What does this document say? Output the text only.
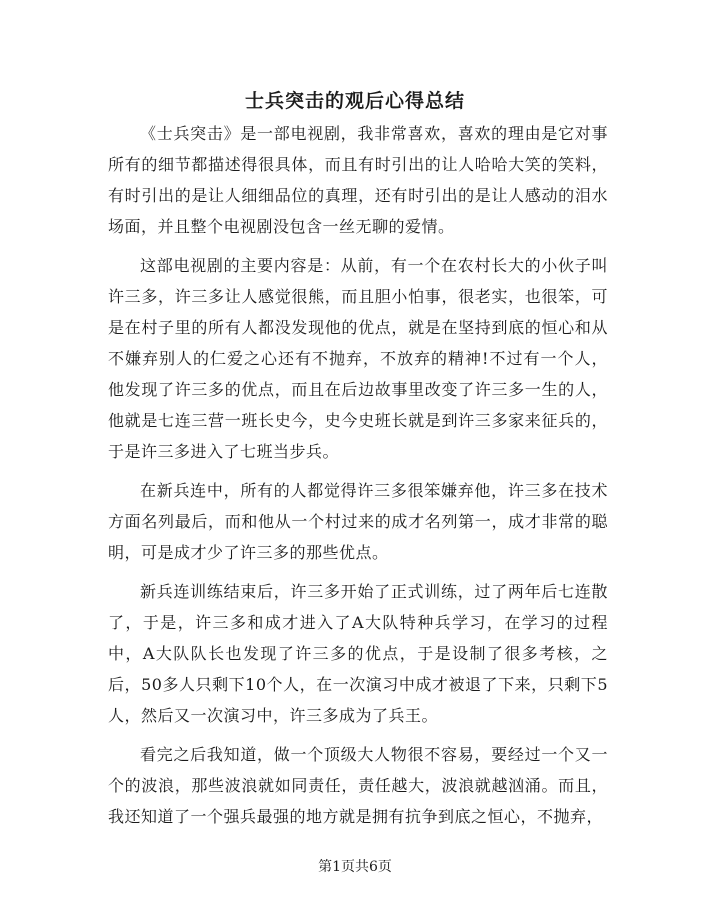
士兵突击的观后心得总结

《士兵突击》是一部电视剧，我非常喜欢，喜欢的理由是它对事所有的细节都描述得很具体，而且有时引出的让人哈哈大笑的笑料，有时引出的是让人细细品位的真理，还有时引出的是让人感动的泪水场面，并且整个电视剧没包含一丝无聊的爱情。

这部电视剧的主要内容是：从前，有一个在农村长大的小伙子叫许三多，许三多让人感觉很熊，而且胆小怕事，很老实，也很笨，可是在村子里的所有人都没发现他的优点，就是在坚持到底的恒心和从不嫌弃别人的仁爱之心还有不抛弃，不放弃的精神!不过有一个人，他发现了许三多的优点，而且在后边故事里改变了许三多一生的人，他就是七连三营一班长史今，史今史班长就是到许三多家来征兵的，于是许三多进入了七班当步兵。

在新兵连中，所有的人都觉得许三多很笨嫌弃他，许三多在技术方面名列最后，而和他从一个村过来的成才名列第一，成才非常的聪明，可是成才少了许三多的那些优点。

新兵连训练结束后，许三多开始了正式训练，过了两年后七连散了，于是，许三多和成才进入了A大队特种兵学习，在学习的过程中，A大队队长也发现了许三多的优点，于是设制了很多考核，之后，50多人只剩下10个人，在一次演习中成才被退了下来，只剩下5人，然后又一次演习中，许三多成为了兵王。

看完之后我知道，做一个顶级大人物很不容易，要经过一个又一个的波浪，那些波浪就如同责任，责任越大，波浪就越汹涌。而且，我还知道了一个强兵最强的地方就是拥有抗争到底之恒心，不抛弃，

第1页共6页
